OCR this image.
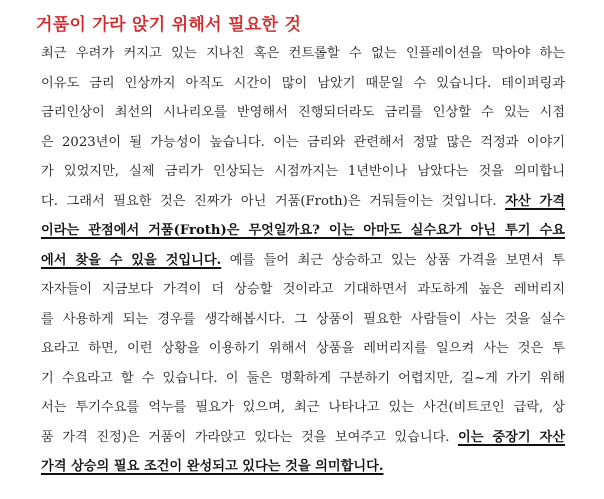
거품이 가라 앉기 위해서 필요한 것
최근 우려가 커지고 있는 지나친 혹은 컨트롤할 수 없는 인플레이션을 막아야 하는
이유도 금리 인상까지 아직도 시간이 많이 남았기 때문일 수 있습니다. 테이퍼링과
금리인상이 최선의 시나리오를 반영해서 진행되더라도 금리를 인상할 수 있는 시점
은 2023년이 될 가능성이 높습니다. 이는 금리와 관련해서 정말 많은 걱정과 이야기
가 있었지만, 실제 금리가 인상되는 시점까지는 1년반이나 남았다는 것을 의미합니
다. 그래서 필요한 것은 진짜가 아닌 거품(Froth)은 거둬들이는 것입니다. 자산 가격
이라는 관점에서 거품(Froth)은 무엇일까요? 이는 아마도 실수요가 아닌 투기 수요
에서 찾을 수 있을 것입니다. 예를 들어 최근 상승하고 있는 상품 가격을 보면서 투
자자들이 지금보다 가격이 더 상승할 것이라고 기대하면서 과도하게 높은 레버리지
를 사용하게 되는 경우를 생각해봅시다. 그 상품이 필요한 사람들이 사는 것을 실수
요라고 하면, 이런 상황을 이용하기 위해서 상품을 레버리지를 일으켜 사는 것은 투
기 수요라고 할 수 있습니다. 이 둘은 명확하게 구분하기 어렵지만, 길~게 가기 위해
서는 투기수요를 억누를 필요가 있으며, 최근 나타나고 있는 사건(비트코인 급락, 상
품 가격 진정)은 거품이 가라앉고 있다는 것을 보여주고 있습니다. 이는 중장기 자산
가격 상승의 필요 조건이 완성되고 있다는 것을 의미합니다.
